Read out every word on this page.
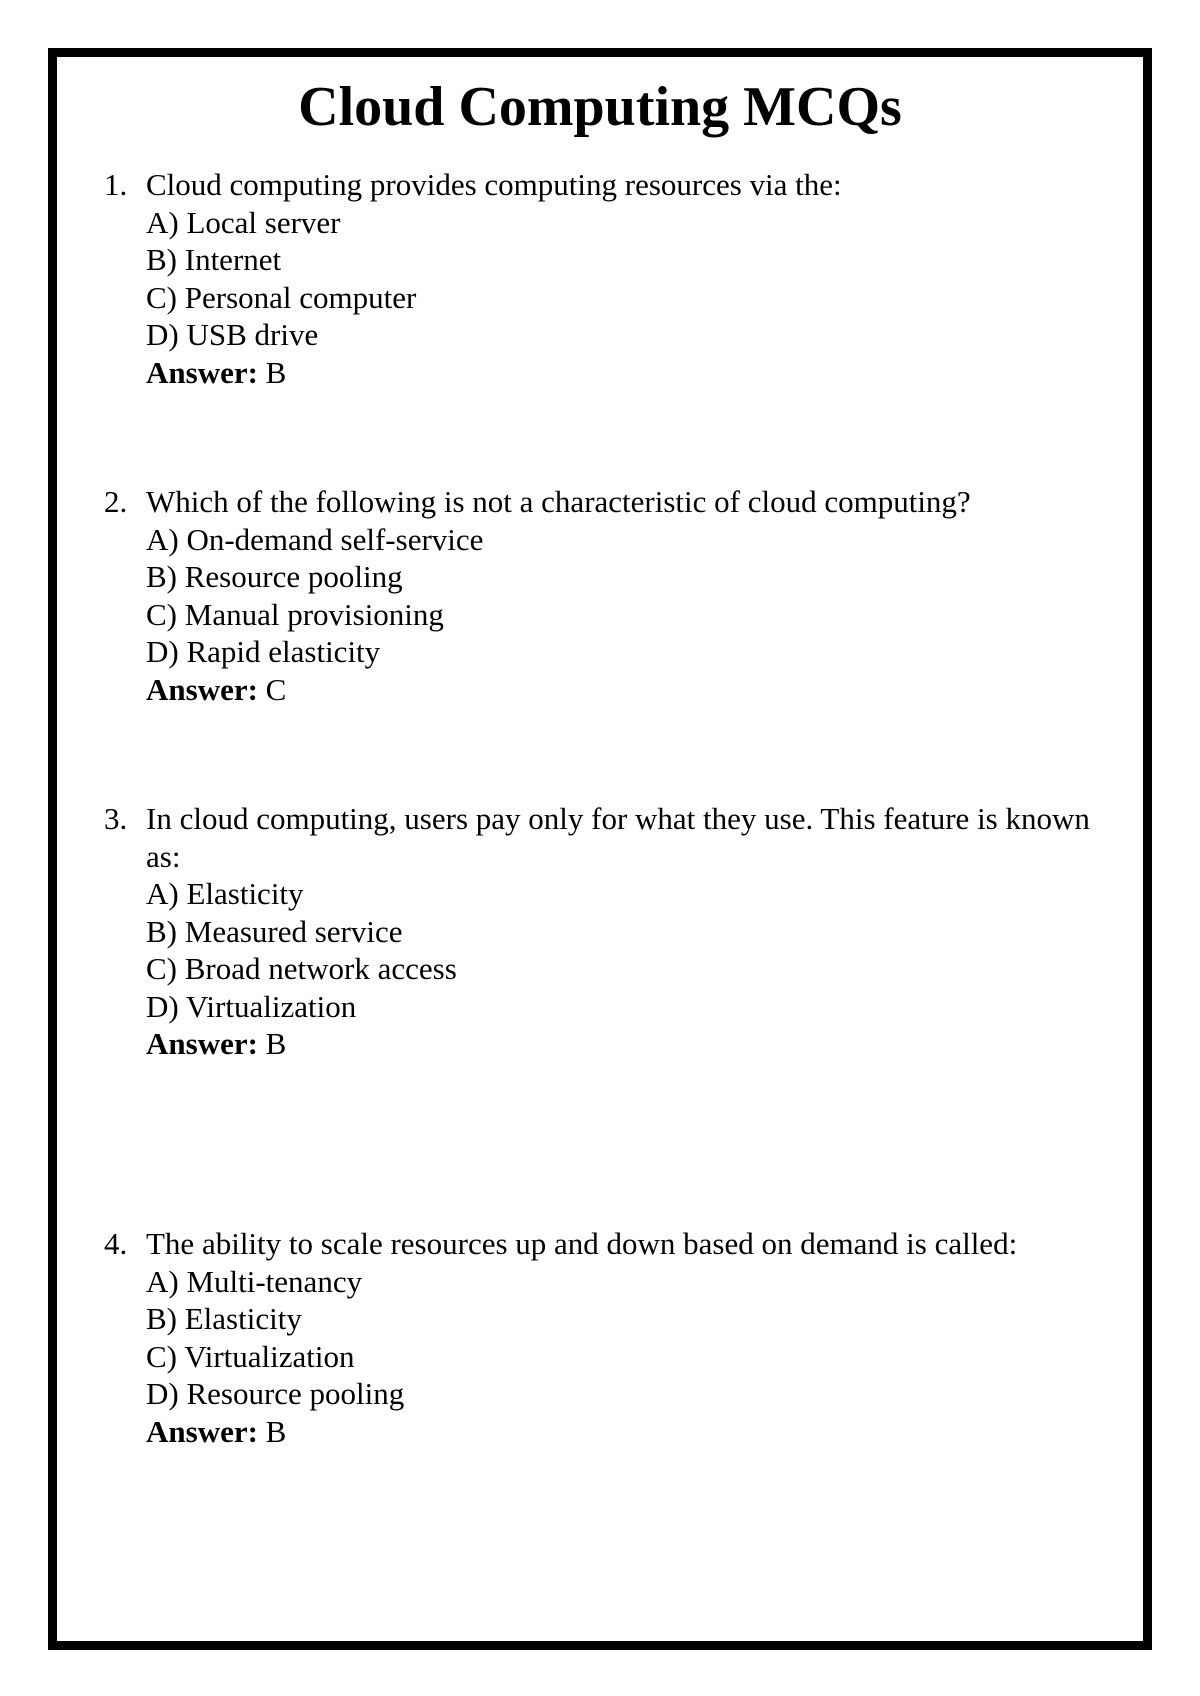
Cloud Computing MCQs
1. Cloud computing provides computing resources via the:
A) Local server
B) Internet
C) Personal computer
D) USB drive
Answer: B
2. Which of the following is not a characteristic of cloud computing?
A) On-demand self-service
B) Resource pooling
C) Manual provisioning
D) Rapid elasticity
Answer: C
3. In cloud computing, users pay only for what they use. This feature is known as:
A) Elasticity
B) Measured service
C) Broad network access
D) Virtualization
Answer: B
4. The ability to scale resources up and down based on demand is called:
A) Multi-tenancy
B) Elasticity
C) Virtualization
D) Resource pooling
Answer: B
